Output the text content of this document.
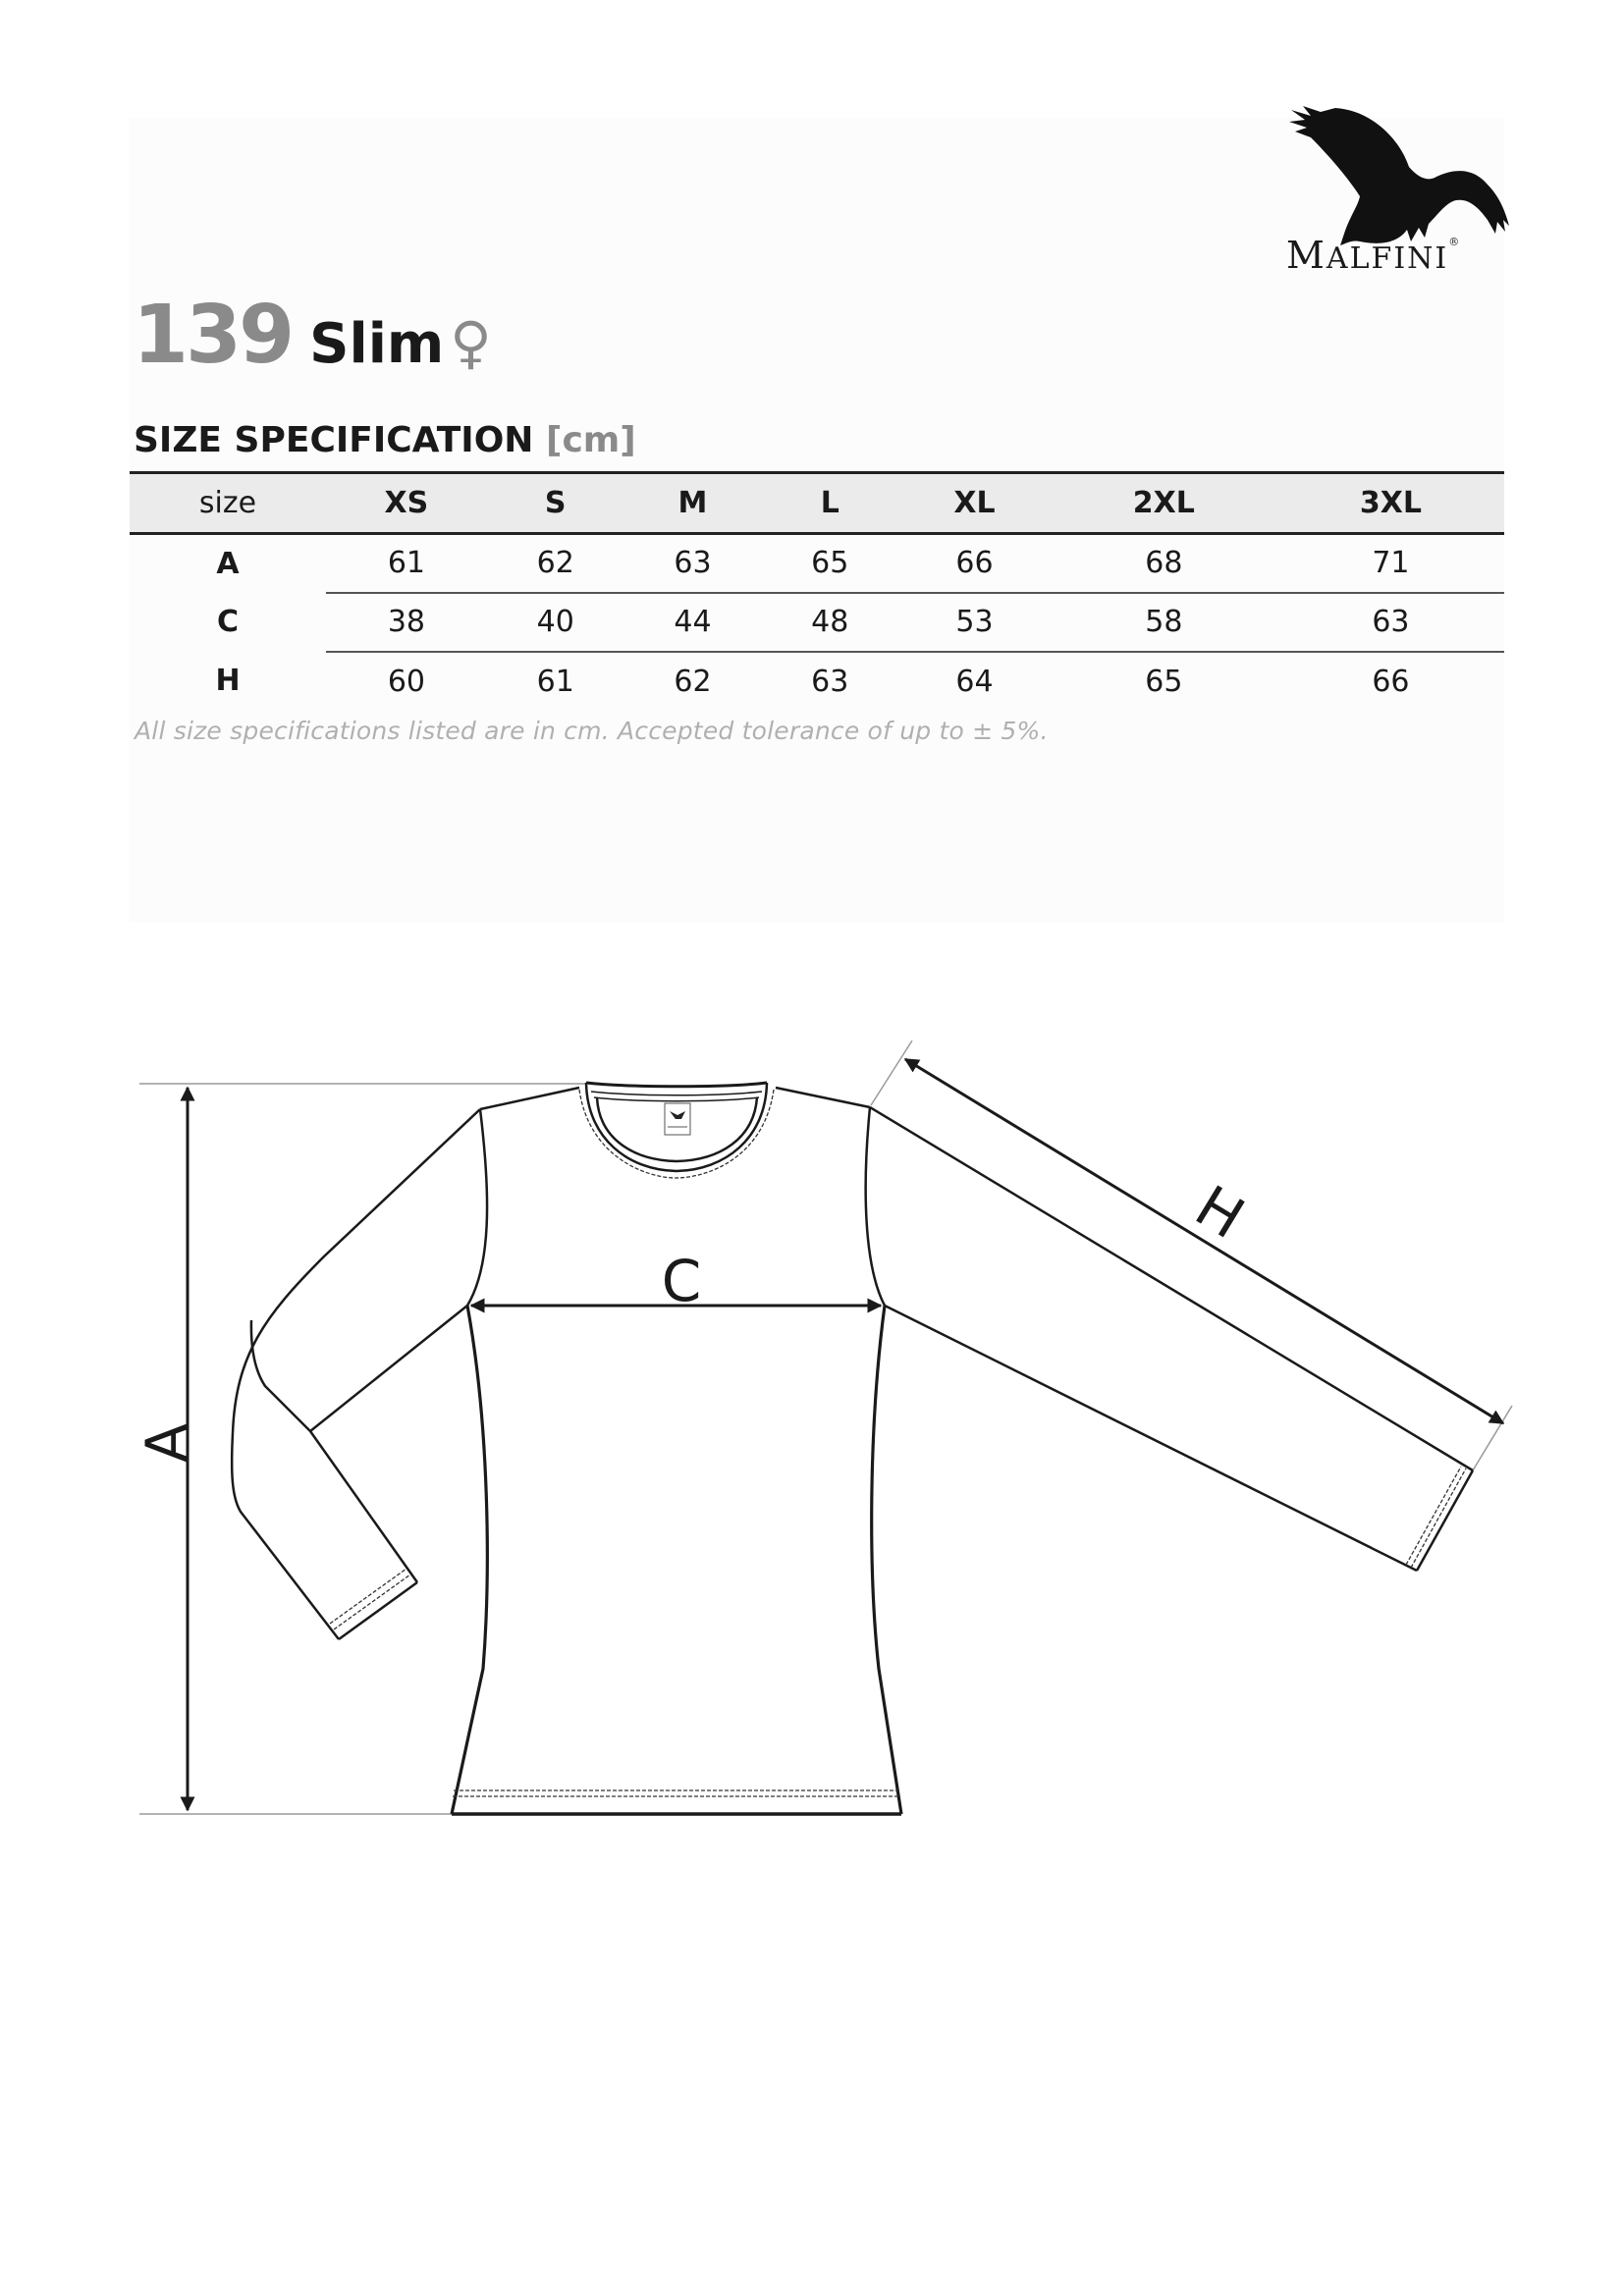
MALFINI®
139 Slim ♀
SIZE SPECIFICATION [cm]
size	XS	S	M	L	XL	2XL	3XL
A	61	62	63	65	66	68	71
C	38	40	44	48	53	58	63
H	60	61	62	63	64	65	66
All size specifications listed are in cm. Accepted tolerance of up to ± 5%.
A
C
H
